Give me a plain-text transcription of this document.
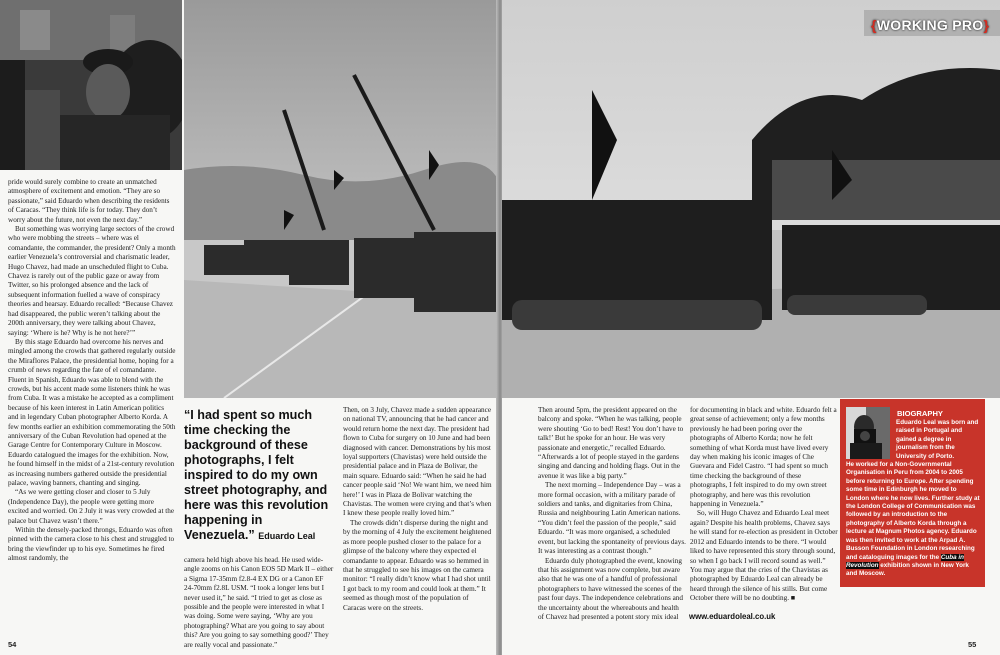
pride would surely combine to create an unmatched atmosphere of excitement and emotion. “They are so passionate,” said Eduardo when describing the residents of Caracas. “They think life is for today. They don’t worry about the future, not even the next day.”

But something was worrying large sectors of the crowd who were mobbing the streets – where was el comandante, the commander, the president? Only a month earlier Venezuela’s controversial and charismatic leader, Hugo Chavez, had made an unscheduled flight to Cuba. Chavez is rarely out of the public gaze or away from Twitter, so his prolonged absence and the lack of subsequent information fuelled a wave of conspiracy theories and hearsay. Eduardo recalled: “Because Chavez had disappeared, the public weren’t talking about the 200th anniversary, they were talking about Chavez, saying: ‘Where is he? Why is he not here?’”

By this stage Eduardo had overcome his nerves and mingled among the crowds that gathered regularly outside the Miraflores Palace, the presidential home, hoping for a crumb of news regarding the fate of el comandante. Fluent in Spanish, Eduardo was able to blend with the crowds, but his accent made some listeners think he was from Cuba. It was a mistake he accepted as a compliment because of his keen interest in Latin American politics and in legendary Cuban photographer Alberto Korda. A few months earlier an exhibition commemorating the 50th anniversary of the Cuban Revolution had opened at the Garage Centre for Contemporary Culture in Moscow. Eduardo catalogued the images for the exhibition. Now, he found himself in the midst of a 21st-century revolution as increasing numbers gathered outside the presidential palace, waving banners, chanting and singing.

“As we were getting closer and closer to 5 July (Independence Day), the people were getting more excited and worried. On 2 July it was very crowded at the palace but Chavez wasn’t there.”

Within the densely-packed throngs, Eduardo was often pinned with the camera close to his chest and struggled to bring the viewfinder up to his eye. Sometimes he fired almost randomly, the

“I had spent so much time checking the background of these photographs, I felt inspired to do my own street photography, and here was this revolution happening in Venezuela.” Eduardo Leal

camera held high above his head. He used wide-angle zooms on his Canon EOS 5D Mark II – either a Sigma 17-35mm f2.8-4 EX DG or a Canon EF 24-70mm f2.8L USM. “I took a longer lens but I never used it,” he said. “I tried to get as close as possible and the people were interested in what I was doing. Some were saying, ‘Why are you photographing? What are you going to say about this? Are you going to say something good?’ They are really vocal and passionate.”

Then, on 3 July, Chavez made a sudden appearance on national TV, announcing that he had cancer and would return home the next day. The president had flown to Cuba for surgery on 10 June and had been diagnosed with cancer. Demonstrations by his most loyal supporters (Chavistas) were held outside the presidential palace and in Plaza de Bolivar, the main square. Eduardo said: “When he said he had cancer people said ‘No! We want him, we need him here!’ I was in Plaza de Bolivar watching the Chavistas. The women were crying and that’s when I knew these people really loved him.”

The crowds didn’t disperse during the night and by the morning of 4 July the excitement heightened as more people pushed closer to the palace for a glimpse of the balcony where they expected el comandante to appear. Eduardo was so hemmed in that he struggled to see his images on the camera monitor: “I really didn’t know what I had shot until I got back to my room and could look at them.” It seemed as though most of the population of Caracas were on the streets.

54

Then around 5pm, the president appeared on the balcony and spoke. “When he was talking, people were shouting ‘Go to bed! Rest! You don’t have to talk!’ But he spoke for an hour. He was very passionate and energetic,” recalled Eduardo. “Afterwards a lot of people stayed in the gardens singing and dancing and holding flags. Out in the avenue it was like a big party.”

The next morning – Independence Day – was a more formal occasion, with a military parade of soldiers and tanks, and dignitaries from China, Russia and neighbouring Latin American nations. “You didn’t feel the passion of the people,” said Eduardo. “It was more organised, a scheduled event, but lacking the spontaneity of previous days. It was interesting as a contrast though.”

Eduardo duly photographed the event, knowing that his assignment was now complete, but aware also that he was one of a handful of professional photographers to have witnessed the scenes of the past four days. The independence celebrations and the uncertainty about the whereabouts and health of Chavez had presented a potent story mix ideal

for documenting in black and white. Eduardo felt a great sense of achievement; only a few months previously he had been poring over the photographs of Alberto Korda; now he felt something of what Korda must have lived every day when making his iconic images of Che Guevara and Fidel Castro. “I had spent so much time checking the background of these photographs, I felt inspired to do my own street photography, and here was this revolution happening in Venezuela.”

So, will Hugo Chavez and Eduardo Leal meet again? Despite his health problems, Chavez says he will stand for re-election as president in October 2012 and Eduardo intends to be there. “I would liked to have represented this story through sound, so when I go back I will record sound as well.” You may argue that the cries of the Chavistas as photographed by Eduardo Leal can already be heard through the silence of his stills. But come October there will be no doubting. ■

55
{WORKING PRO}
www.eduardoleal.co.uk
BIOGRAPHY
Eduardo Leal was born and raised in Portugal and gained a degree in journalism from the University of Porto.
He worked for a Non-Governmental Organisation in Peru from 2004 to 2005 before returning to Europe. After spending some time in Edinburgh he moved to London where he now lives. Further study at the London College of Communication was followed by an introduction to the photography of Alberto Korda through a lecture at Magnum Photos agency. Eduardo was then invited to work at the Arpad A. Busson Foundation in London researching and cataloguing images for the Cuba in Revolution exhibition shown in New York and Moscow.
